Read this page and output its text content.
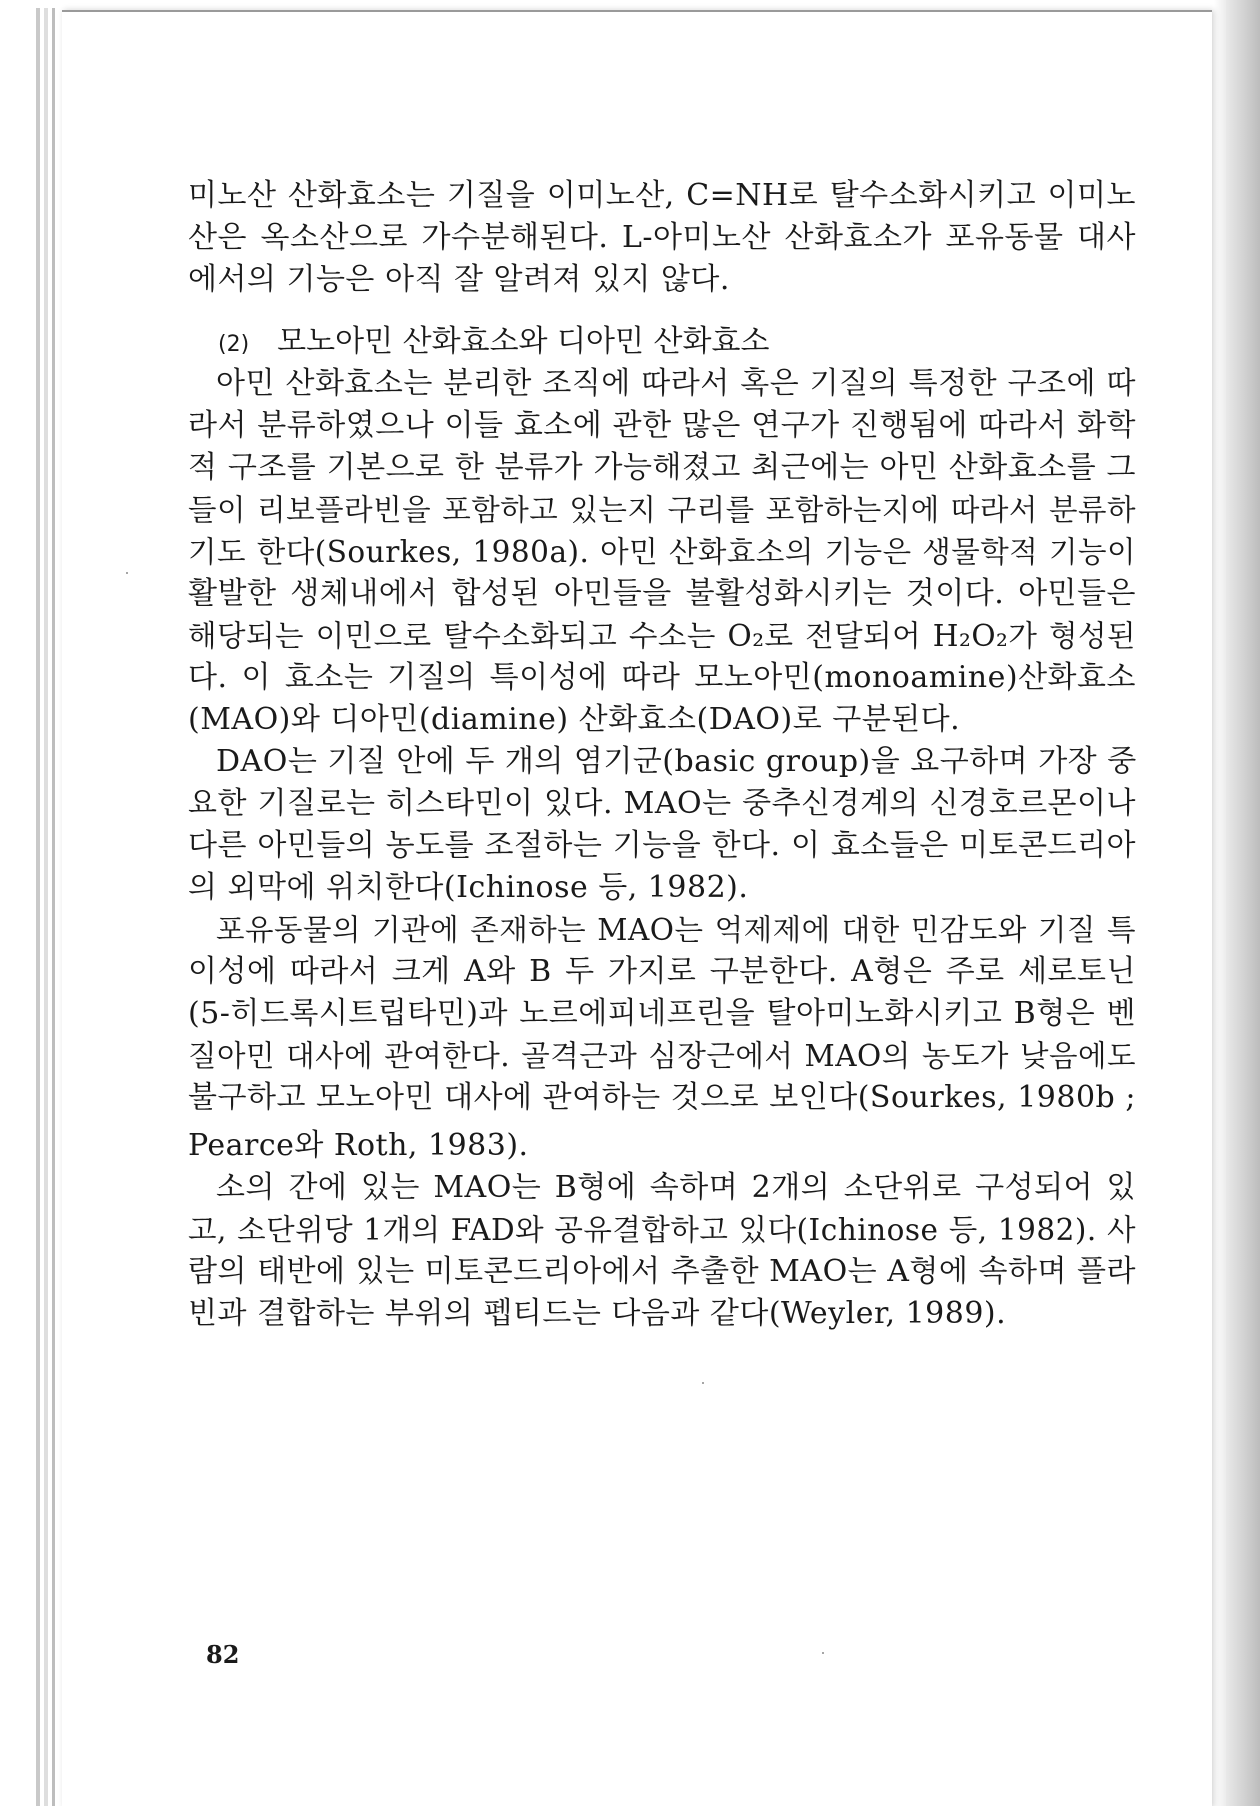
미노산 산화효소는 기질을 이미노산, C=NH로 탈수소화시키고 이미노
산은 옥소산으로 가수분해된다. L-아미노산 산화효소가 포유동물 대사
에서의 기능은 아직 잘 알려져 있지 않다.
(2) 모노아민 산화효소와 디아민 산화효소
아민 산화효소는 분리한 조직에 따라서 혹은 기질의 특정한 구조에 따
라서 분류하였으나 이들 효소에 관한 많은 연구가 진행됨에 따라서 화학
적 구조를 기본으로 한 분류가 가능해졌고 최근에는 아민 산화효소를 그
들이 리보플라빈을 포함하고 있는지 구리를 포함하는지에 따라서 분류하
기도 한다(Sourkes, 1980a). 아민 산화효소의 기능은 생물학적 기능이
활발한 생체내에서 합성된 아민들을 불활성화시키는 것이다. 아민들은
해당되는 이민으로 탈수소화되고 수소는 O₂로 전달되어 H₂O₂가 형성된
다. 이 효소는 기질의 특이성에 따라 모노아민(monoamine)산화효소
(MAO)와 디아민(diamine) 산화효소(DAO)로 구분된다.
DAO는 기질 안에 두 개의 염기군(basic group)을 요구하며 가장 중
요한 기질로는 히스타민이 있다. MAO는 중추신경계의 신경호르몬이나
다른 아민들의 농도를 조절하는 기능을 한다. 이 효소들은 미토콘드리아
의 외막에 위치한다(Ichinose 등, 1982).
포유동물의 기관에 존재하는 MAO는 억제제에 대한 민감도와 기질 특
이성에 따라서 크게 A와 B 두 가지로 구분한다. A형은 주로 세로토닌
(5-히드록시트립타민)과 노르에피네프린을 탈아미노화시키고 B형은 벤
질아민 대사에 관여한다. 골격근과 심장근에서 MAO의 농도가 낮음에도
불구하고 모노아민 대사에 관여하는 것으로 보인다(Sourkes, 1980b ;
Pearce와 Roth, 1983).
소의 간에 있는 MAO는 B형에 속하며 2개의 소단위로 구성되어 있
고, 소단위당 1개의 FAD와 공유결합하고 있다(Ichinose 등, 1982). 사
람의 태반에 있는 미토콘드리아에서 추출한 MAO는 A형에 속하며 플라
빈과 결합하는 부위의 펩티드는 다음과 같다(Weyler, 1989).
82
